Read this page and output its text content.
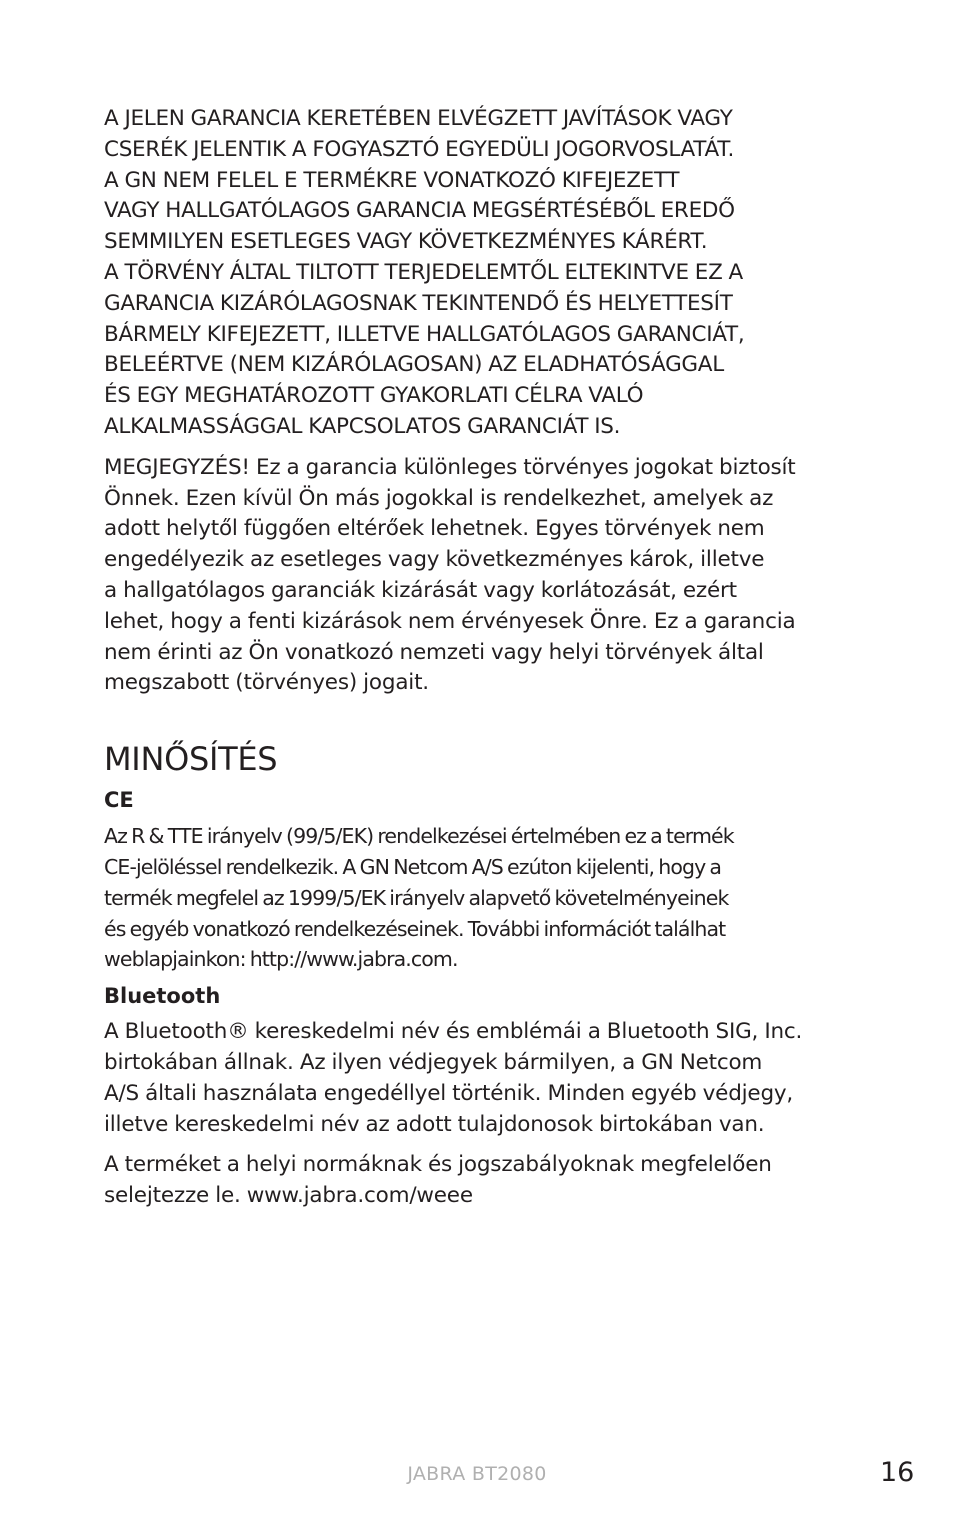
A JELEN GARANCIA KERETÉBEN ELVÉGZETT JAVÍTÁSOK VAGY
CSERÉK JELENTIK A FOGYASZTÓ EGYEDÜLI JOGORVOSLATÁT.
A GN NEM FELEL E TERMÉKRE VONATKOZÓ KIFEJEZETT
VAGY HALLGATÓLAGOS GARANCIA MEGSÉRTÉSÉBŐL EREDŐ
SEMMILYEN ESETLEGES VAGY KÖVETKEZMÉNYES KÁRÉRT.
A TÖRVÉNY ÁLTAL TILTOTT TERJEDELEMTŐL ELTEKINTVE EZ A
GARANCIA KIZÁRÓLAGOSNAK TEKINTENDŐ ÉS HELYETTESÍT
BÁRMELY KIFEJEZETT, ILLETVE HALLGATÓLAGOS GARANCIÁT,
BELEÉRTVE (NEM KIZÁRÓLAGOSAN) AZ ELADHATÓSÁGGAL
ÉS EGY MEGHATÁROZOTT GYAKORLATI CÉLRA VALÓ
ALKALMASSÁGGAL KAPCSOLATOS GARANCIÁT IS.

MEGJEGYZÉS! Ez a garancia különleges törvényes jogokat biztosít
Önnek. Ezen kívül Ön más jogokkal is rendelkezhet, amelyek az
adott helytől függően eltérőek lehetnek. Egyes törvények nem
engedélyezik az esetleges vagy következményes károk, illetve
a hallgatólagos garanciák kizárását vagy korlátozását, ezért
lehet, hogy a fenti kizárások nem érvényesek Önre. Ez a garancia
nem érinti az Ön vonatkozó nemzeti vagy helyi törvények által
megszabott (törvényes) jogait.

MINŐSÍTÉS
CE

Az R & TTE irányelv (99/5/EK) rendelkezései értelmében ez a termék
CE-jelöléssel rendelkezik. A GN Netcom A/S ezúton kijelenti, hogy a
termék megfelel az 1999/5/EK irányelv alapvető követelményeinek
és egyéb vonatkozó rendelkezéseinek. További információt találhat
weblapjainkon: http://www.jabra.com.

Bluetooth

A Bluetooth® kereskedelmi név és emblémái a Bluetooth SIG, Inc.
birtokában állnak. Az ilyen védjegyek bármilyen, a GN Netcom
A/S általi használata engedéllyel történik. Minden egyéb védjegy,
illetve kereskedelmi név az adott tulajdonosok birtokában van.

A terméket a helyi normáknak és jogszabályoknak megfelelően
selejtezze le. www.jabra.com/weee

JABRA BT2080	16
